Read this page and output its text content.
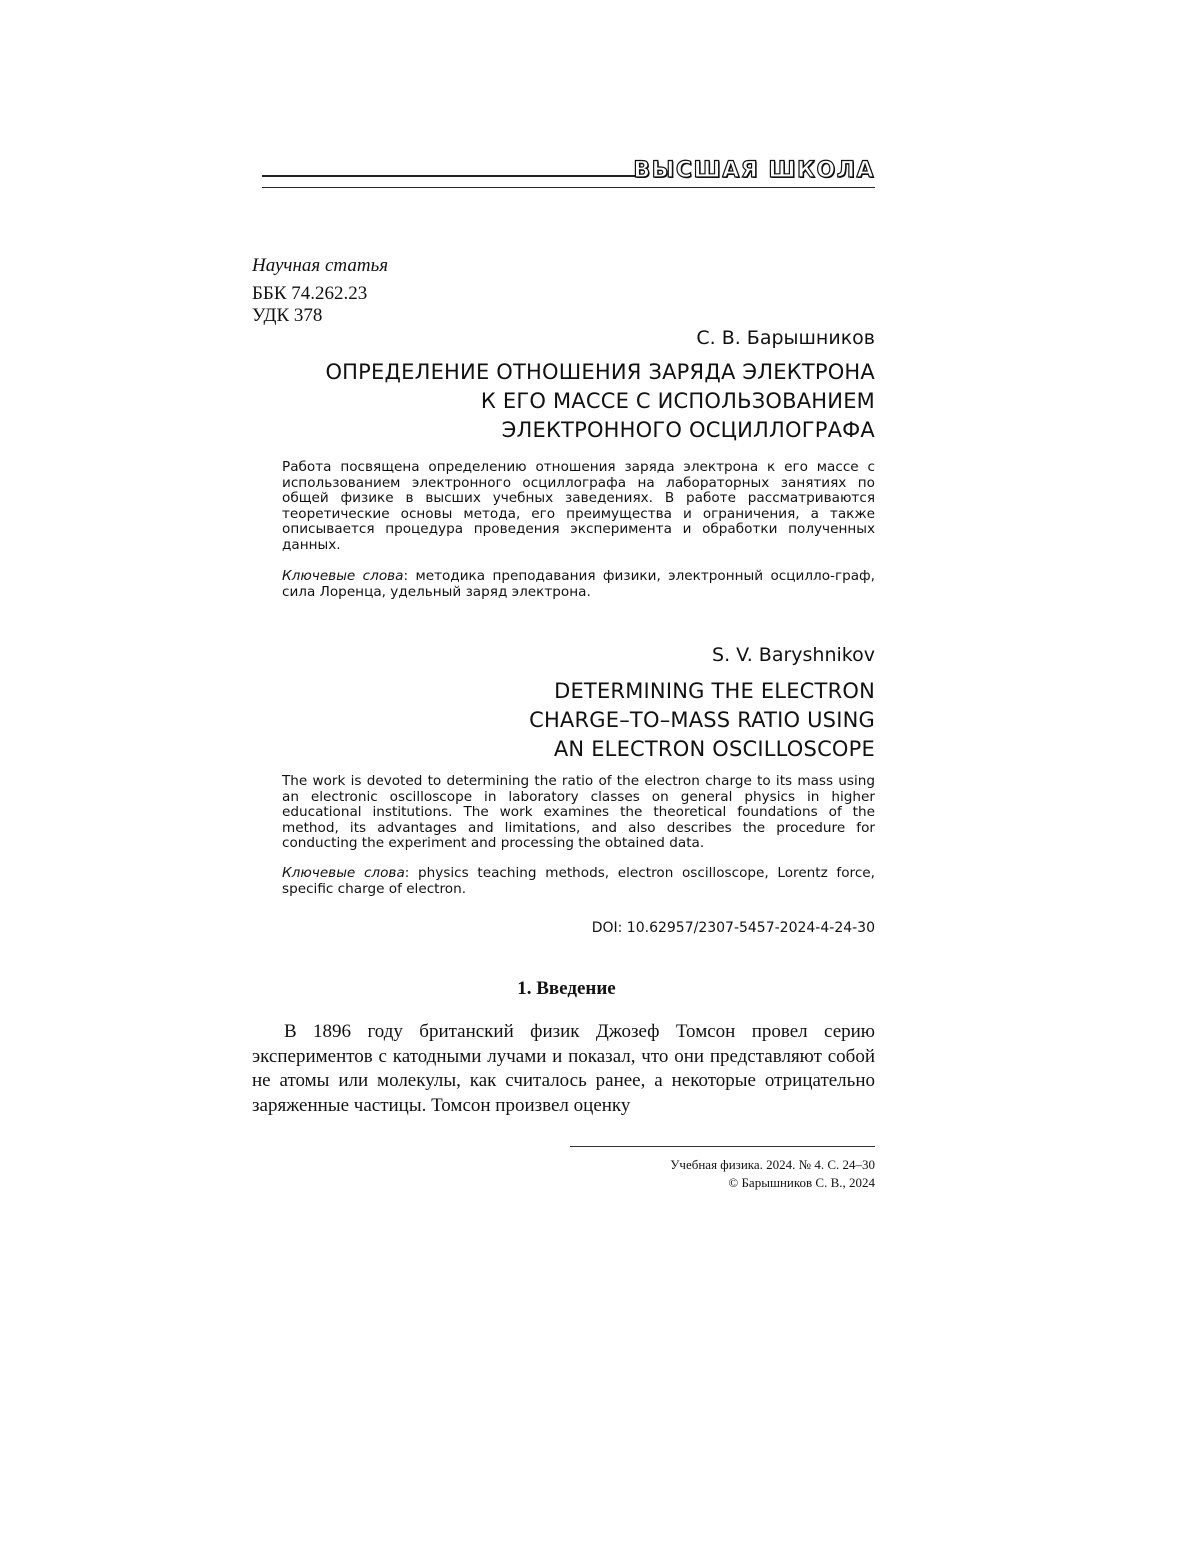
ВЫСШАЯ ШКОЛА
Научная статья
ББК 74.262.23
УДК 378
С. В. Барышников
ОПРЕДЕЛЕНИЕ ОТНОШЕНИЯ ЗАРЯДА ЭЛЕКТРОНА
К ЕГО МАССЕ С ИСПОЛЬЗОВАНИЕМ
ЭЛЕКТРОННОГО ОСЦИЛЛОГРАФА
Работа посвящена определению отношения заряда электрона к его массе с использованием электронного осциллографа на лабораторных занятиях по общей физике в высших учебных заведениях. В работе рассматриваются теоретические основы метода, его преимущества и ограничения, а также описывается процедура проведения эксперимента и обработки полученных данных.
Ключевые слова: методика преподавания физики, электронный осцилло-граф, сила Лоренца, удельный заряд электрона.
S. V. Baryshnikov
DETERMINING THE ELECTRON
CHARGE–TO–MASS RATIO USING
AN ELECTRON OSCILLOSCOPE
The work is devoted to determining the ratio of the electron charge to its mass using an electronic oscilloscope in laboratory classes on general physics in higher educational institutions. The work examines the theoretical foundations of the method, its advantages and limitations, and also describes the procedure for conducting the experiment and processing the obtained data.
Ключевые слова: physics teaching methods, electron oscilloscope, Lorentz force, specific charge of electron.
DOI: 10.62957/2307-5457-2024-4-24-30
1. Введение
В 1896 году британский физик Джозеф Томсон провел серию экспериментов с катодными лучами и показал, что они представляют собой не атомы или молекулы, как считалось ранее, а некоторые отрицательно заряженные частицы. Томсон произвел оценку
Учебная физика. 2024. № 4. С. 24–30
© Барышников С. В., 2024
